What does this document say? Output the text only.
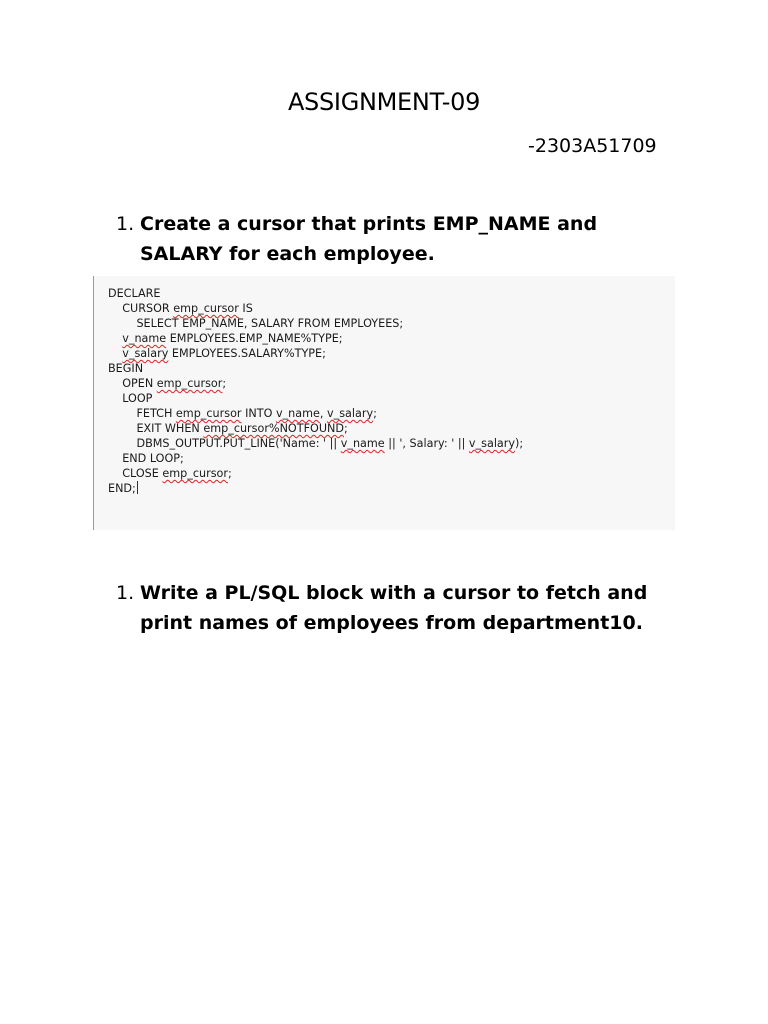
ASSIGNMENT-09
-2303A51709
1. Create a cursor that prints EMP_NAME and SALARY for each employee.
DECLARE
CURSOR emp_cursor IS
SELECT EMP_NAME, SALARY FROM EMPLOYEES;
v_name EMPLOYEES.EMP_NAME%TYPE;
v_salary EMPLOYEES.SALARY%TYPE;
BEGIN
OPEN emp_cursor;
LOOP
FETCH emp_cursor INTO v_name, v_salary;
EXIT WHEN emp_cursor%NOTFOUND;
DBMS_OUTPUT.PUT_LINE('Name: ' || v_name || ', Salary: ' || v_salary);
END LOOP;
CLOSE emp_cursor;
END;
1. Write a PL/SQL block with a cursor to fetch and print names of employees from department10.
